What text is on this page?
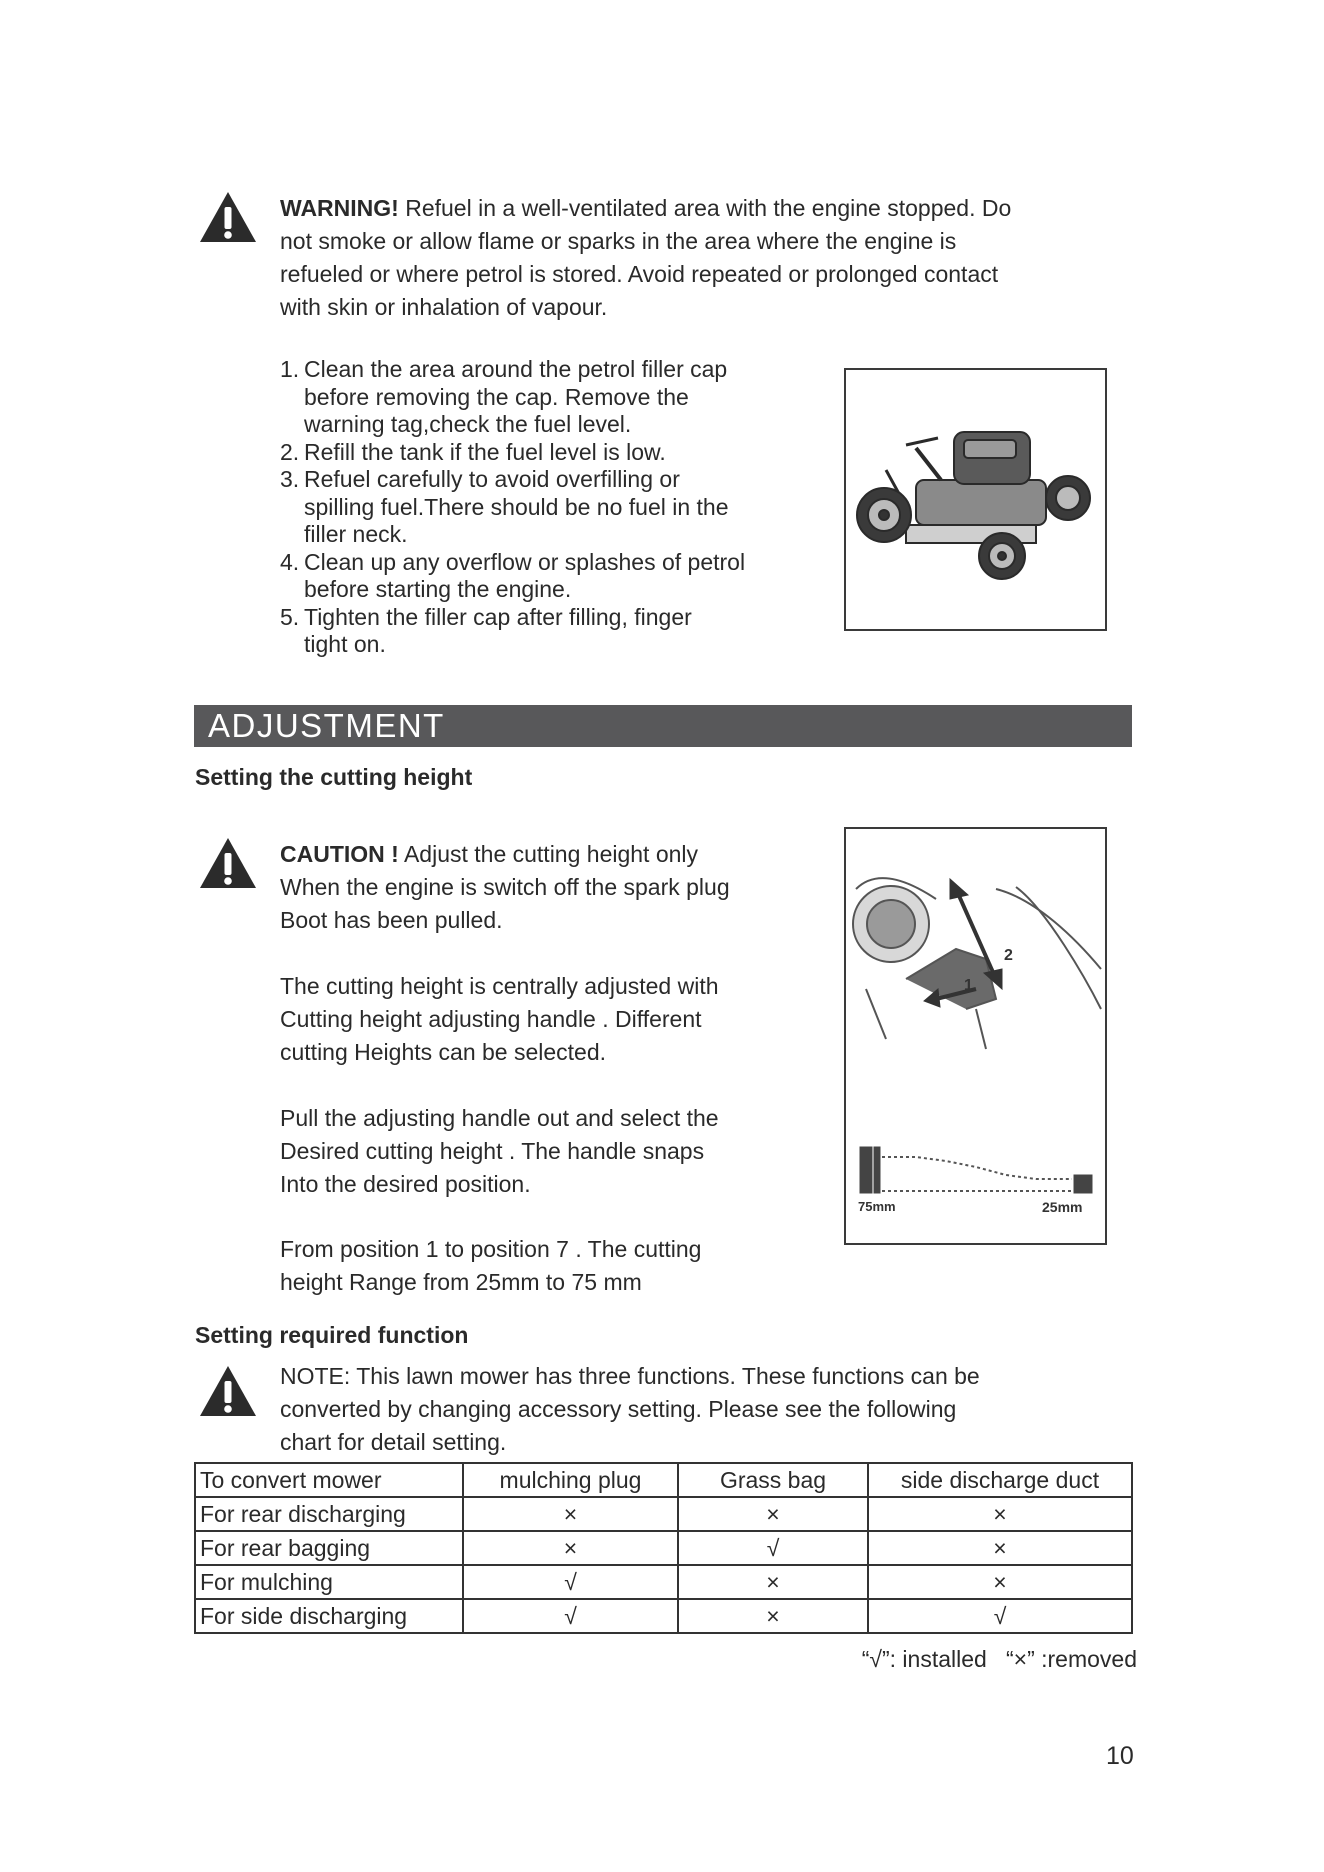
WARNING! Refuel in a well-ventilated area with the engine stopped. Do
not smoke or allow flame or sparks in the area where the engine is
refueled or where petrol is stored. Avoid repeated or prolonged contact
with skin or inhalation of vapour.
1. Clean the area around the petrol filler cap
before removing the cap. Remove the
warning tag,check the fuel level.
2. Refill the tank if the fuel level is low.
3. Refuel carefully to avoid overfilling or
spilling fuel.There should be no fuel in the
filler neck.
4. Clean up any overflow or splashes of petrol
before starting the engine.
5. Tighten the filler cap after filling, finger
tight on.
ADJUSTMENT
Setting the cutting height
CAUTION ! Adjust the cutting height only
When the engine is switch off the spark plug
Boot has been pulled.
The cutting height is centrally adjusted with
Cutting height adjusting handle . Different
cutting Heights can be selected.
Pull the adjusting handle out and select the
Desired cutting height . The handle snaps
Into the desired position.
From position 1 to position 7 . The cutting
height Range from 25mm to 75 mm
1
2
75mm	25mm
Setting required function
NOTE: This lawn mower has three functions. These functions can be
converted by changing accessory setting. Please see the following
chart for detail setting.
To convert mower	mulching plug	Grass bag	side discharge duct
For rear discharging	×	×	×
For rear bagging	×	√	×
For mulching	√	×	×
For side discharging	√	×	√
“√”: installed   “×” :removed
10
